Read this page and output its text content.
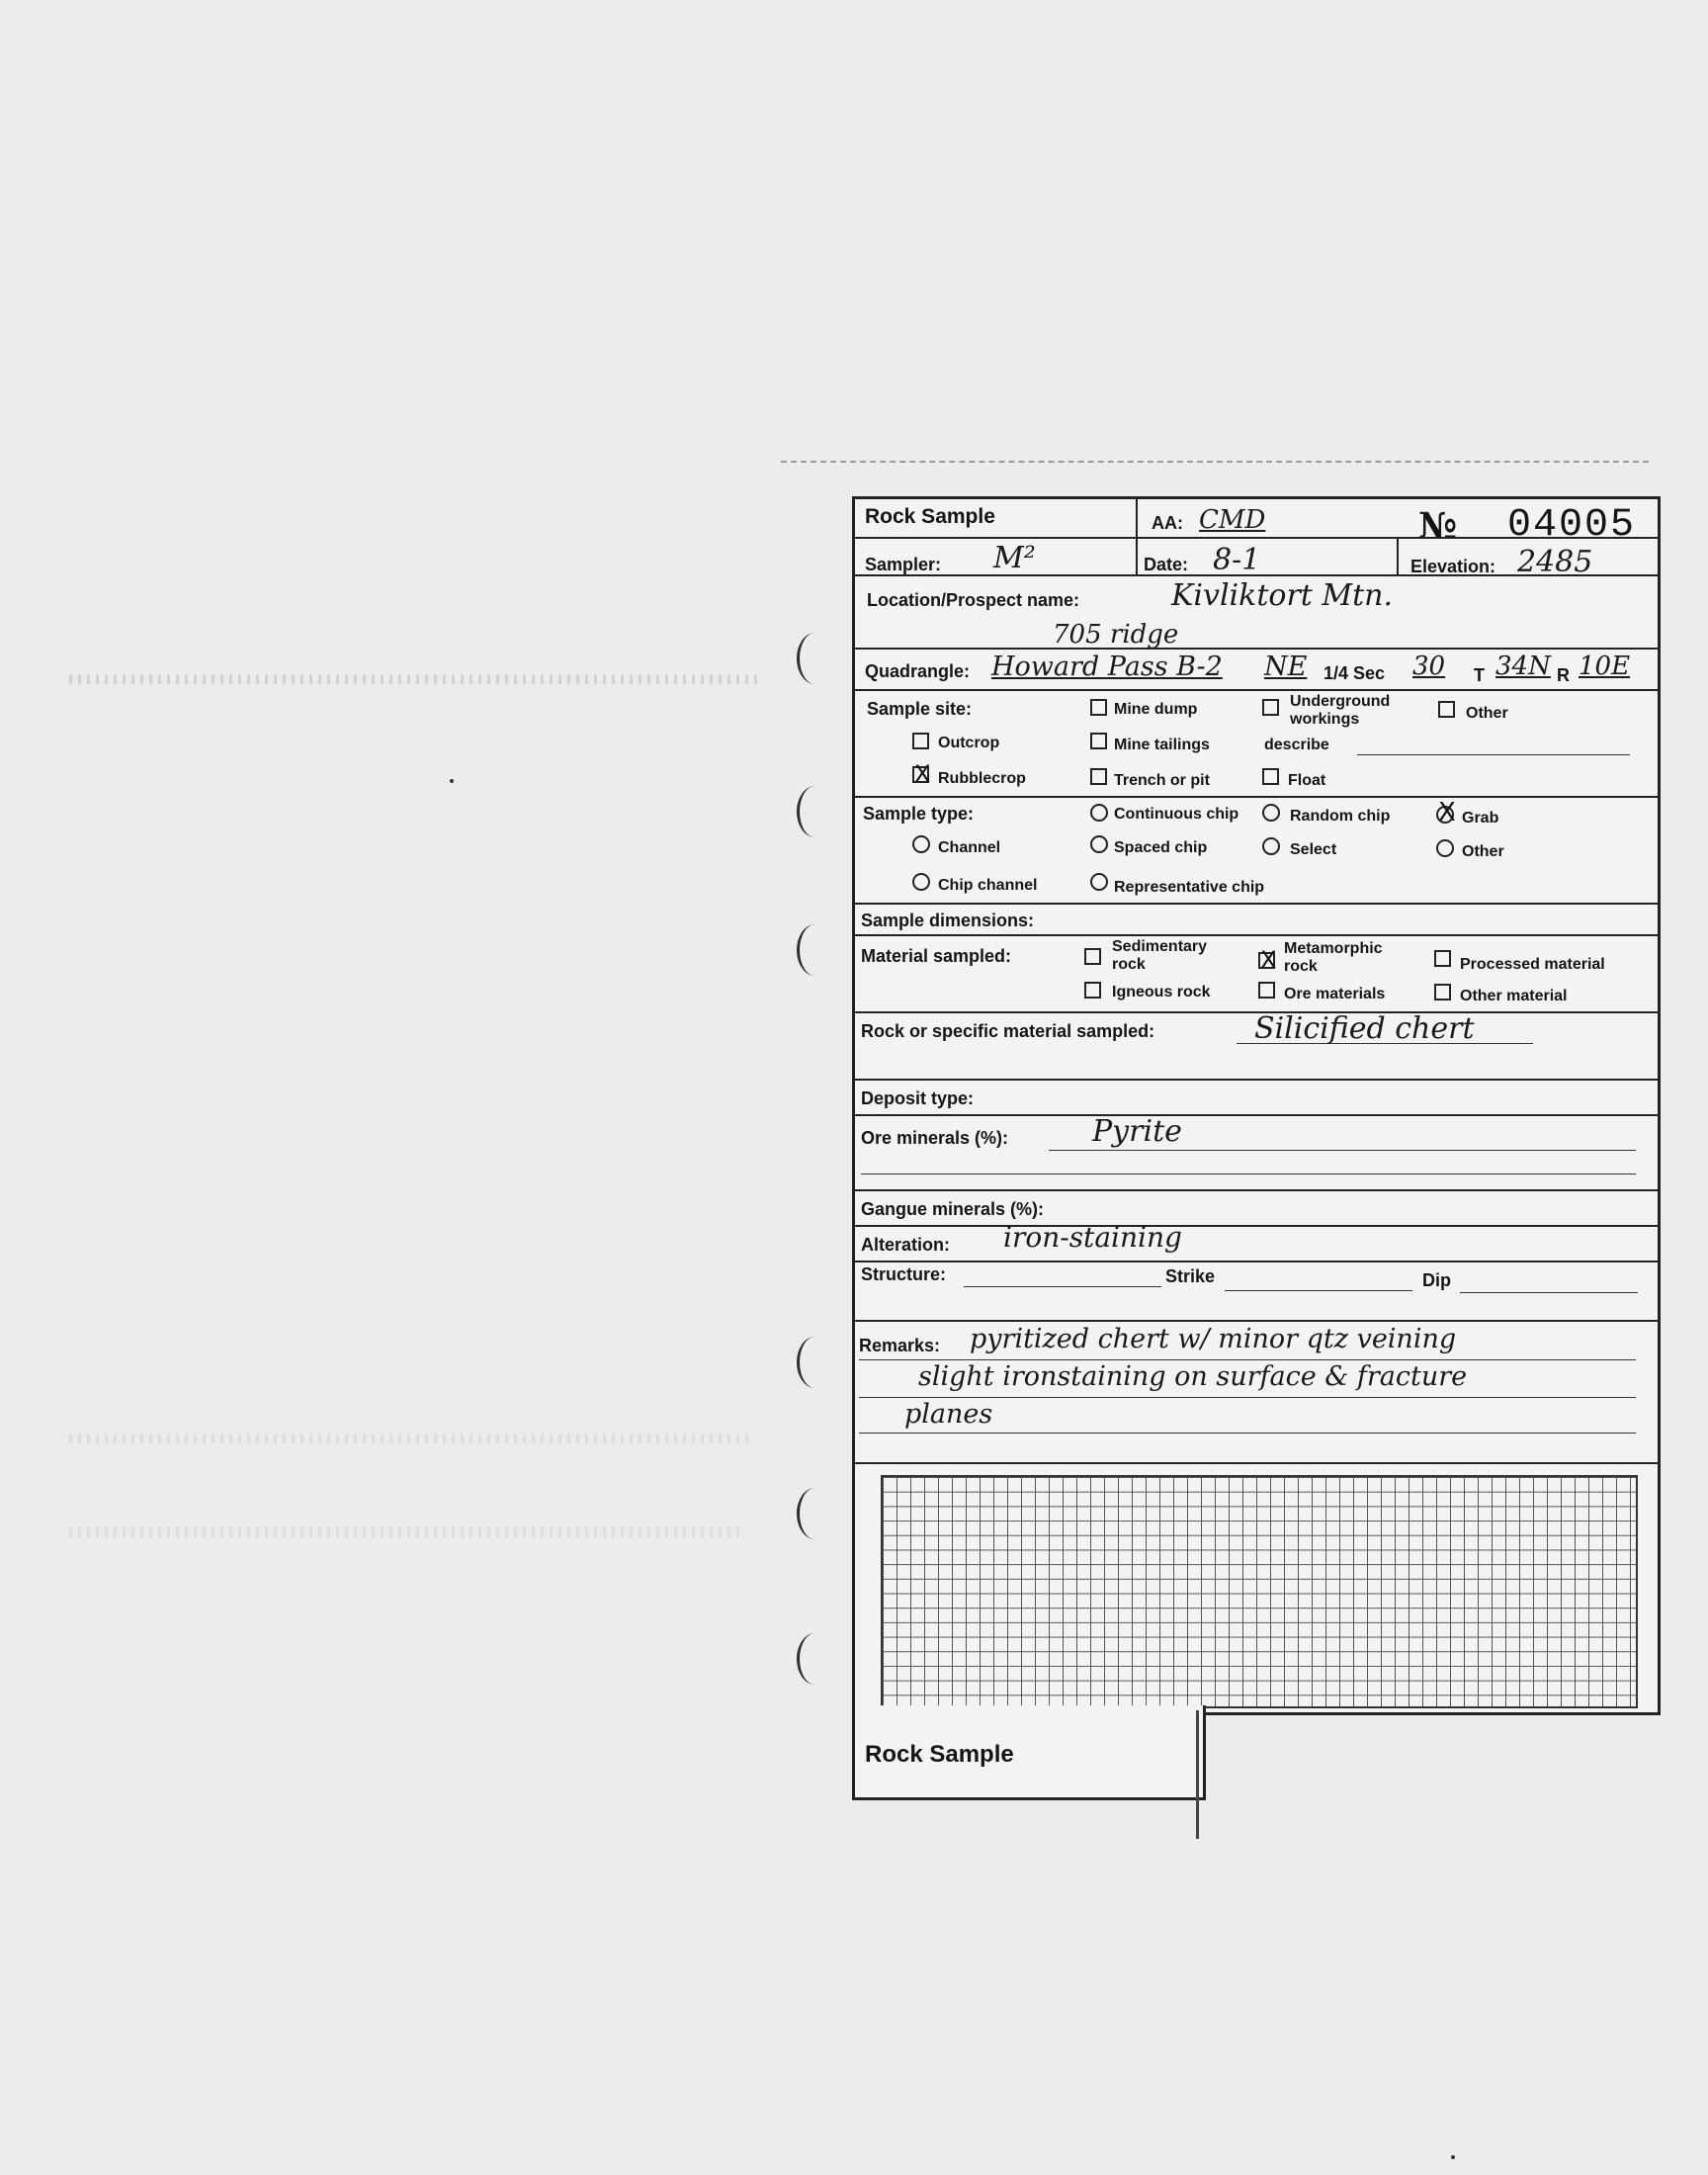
Rock Sample	AA: CMD	№ 04005
Sampler: M²	Date: 8-1	Elevation: 2485
Location/Prospect name:	Kivliktort Mtn.
705 ridge
Quadrangle: Howard Pass B-2 NE 1/4 Sec 30 T 34N R 10E
Sample site:	Mine dump	Underground workings	Other
Outcrop	Mine tailings	describe
X Rubblecrop	Trench or pit	Float
Sample type:	Continuous chip	Random chip X Grab
Channel	Spaced chip	Select	Other
Chip channel	Representative chip
Sample dimensions:
Material sampled:	Sedimentary rock	X Metamorphic rock	Processed material
Igneous rock	Ore materials	Other material
Rock or specific material sampled:	Silicified chert
Deposit type:
Ore minerals (%):	Pyrite
Gangue minerals (%):
Alteration: iron-staining
Structure:	Strike	Dip
Remarks: pyritized chert w/ minor qtz veining
slight ironstaining on surface & fracture
planes
Rock Sample
